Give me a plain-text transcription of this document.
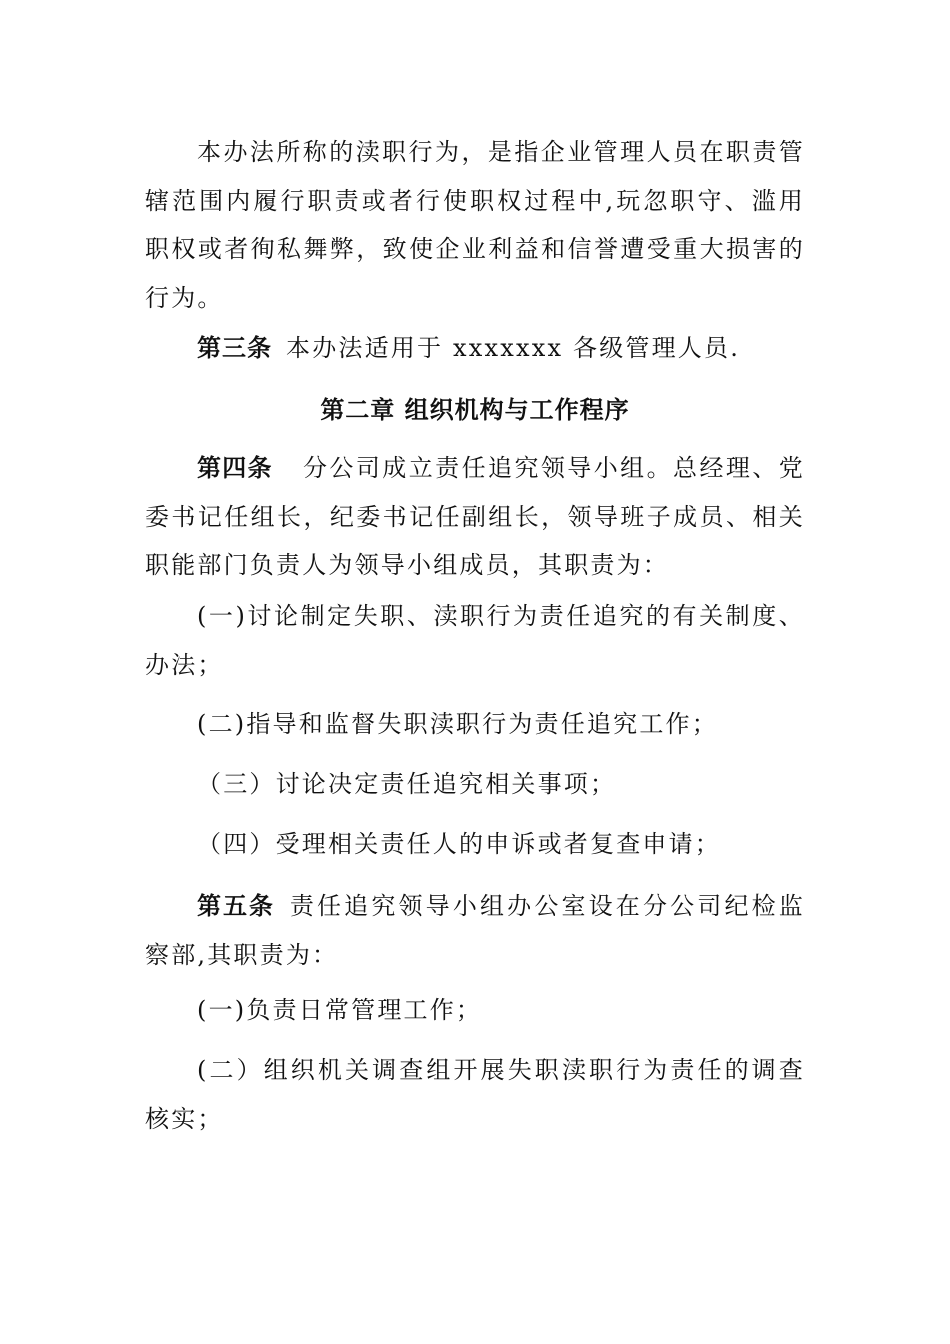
本办法所称的渎职行为，是指企业管理人员在职责管辖范围内履行职责或者行使职权过程中,玩忽职守、滥用职权或者徇私舞弊，致使企业利益和信誉遭受重大损害的行为。

第三条 本办法适用于 xxxxxxx 各级管理人员.

第二章 组织机构与工作程序

第四条 分公司成立责任追究领导小组。总经理、党委书记任组长，纪委书记任副组长，领导班子成员、相关职能部门负责人为领导小组成员，其职责为：

(一)讨论制定失职、渎职行为责任追究的有关制度、办法；

(二)指导和监督失职渎职行为责任追究工作；

（三）讨论决定责任追究相关事项；

（四）受理相关责任人的申诉或者复查申请；

第五条 责任追究领导小组办公室设在分公司纪检监察部,其职责为：

(一)负责日常管理工作；

(二）组织机关调查组开展失职渎职行为责任的调查核实；
